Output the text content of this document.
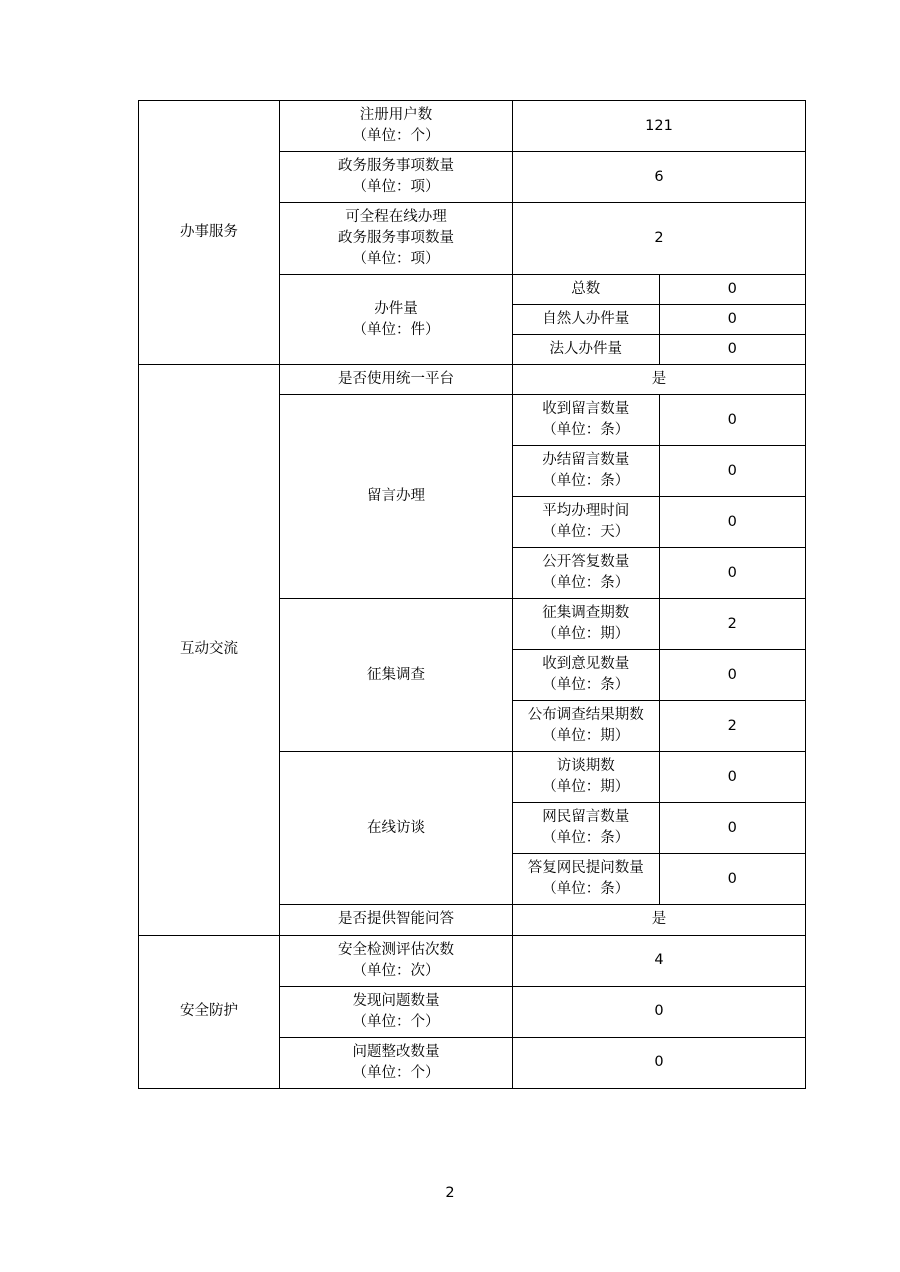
办事服务	注册用户数
（单位：个）	121	

	政务服务事项数量
（单位：项）	6	

	可全程在线办理
政务服务事项数量
（单位：项）	2	

	办件量
（单位：件）	总数	0

		自然人办件量	0

		法人办件量	0

互动交流	是否使用统一平台	是	

	留言办理	收到留言数量
（单位：条）	0

		办结留言数量
（单位：条）	0

		平均办理时间
（单位：天）	0

		公开答复数量
（单位：条）	0

	征集调查	征集调查期数
（单位：期）	2

		收到意见数量
（单位：条）	0

		公布调查结果期数
（单位：期）	2

	在线访谈	访谈期数
（单位：期）	0

		网民留言数量
（单位：条）	0

		答复网民提问数量
（单位：条）	0

	是否提供智能问答	是	

安全防护	安全检测评估次数
（单位：次）	4	

	发现问题数量
（单位：个）	0	

	问题整改数量
（单位：个）	0	
2
